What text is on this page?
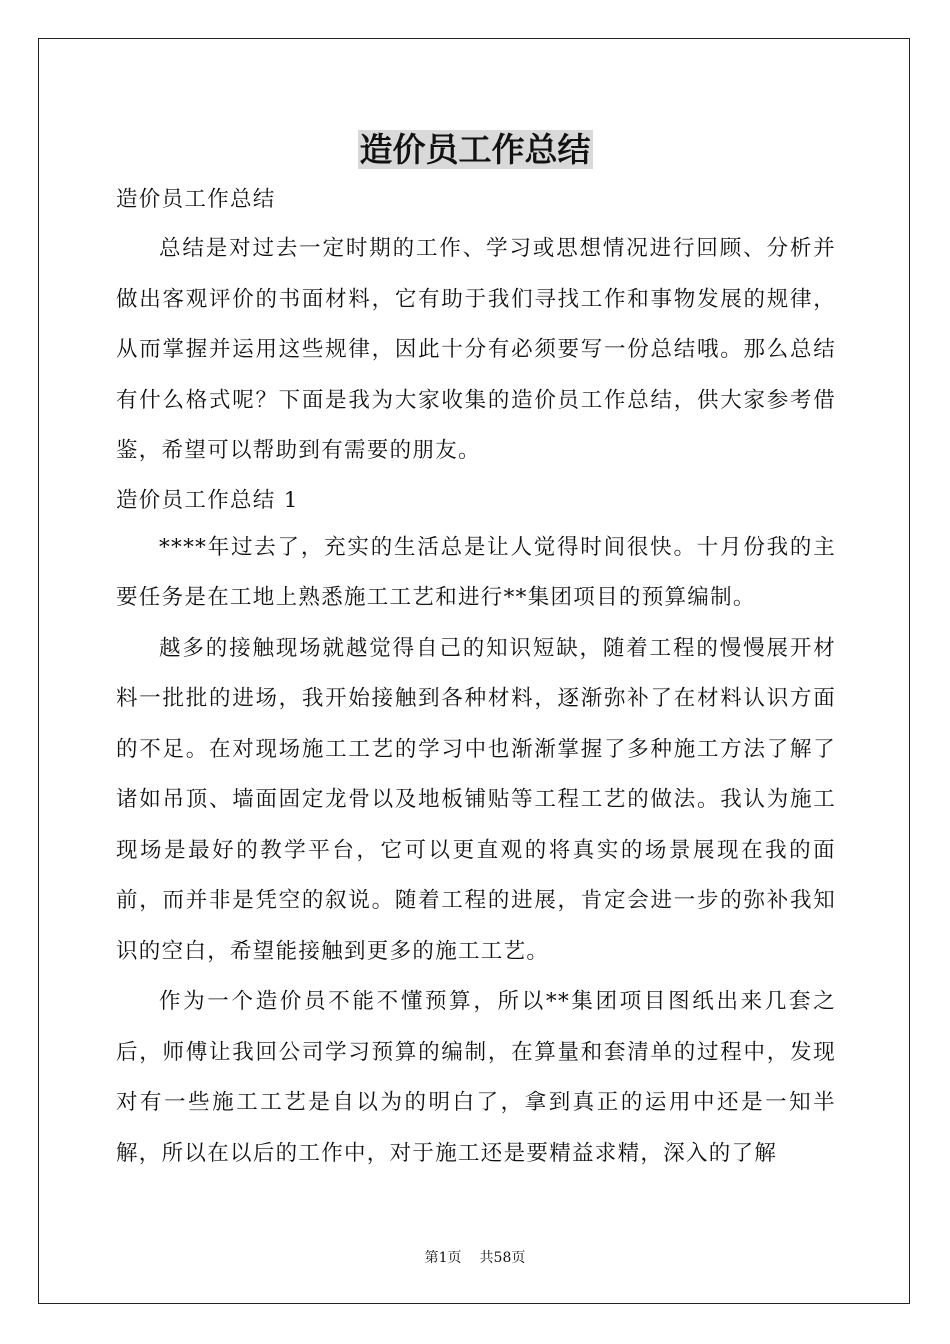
造价员工作总结

造价员工作总结

总结是对过去一定时期的工作、学习或思想情况进行回顾、分析并做出客观评价的书面材料，它有助于我们寻找工作和事物发展的规律，从而掌握并运用这些规律，因此十分有必须要写一份总结哦。那么总结有什么格式呢？下面是我为大家收集的造价员工作总结，供大家参考借鉴，希望可以帮助到有需要的朋友。

造价员工作总结 1

****年过去了，充实的生活总是让人觉得时间很快。十月份我的主要任务是在工地上熟悉施工工艺和进行**集团项目的预算编制。

越多的接触现场就越觉得自己的知识短缺，随着工程的慢慢展开材料一批批的进场，我开始接触到各种材料，逐渐弥补了在材料认识方面的不足。在对现场施工工艺的学习中也渐渐掌握了多种施工方法了解了诸如吊顶、墙面固定龙骨以及地板铺贴等工程工艺的做法。我认为施工现场是最好的教学平台，它可以更直观的将真实的场景展现在我的面前，而并非是凭空的叙说。随着工程的进展，肯定会进一步的弥补我知识的空白，希望能接触到更多的施工工艺。

作为一个造价员不能不懂预算，所以**集团项目图纸出来几套之后，师傅让我回公司学习预算的编制，在算量和套清单的过程中，发现对有一些施工工艺是自以为的明白了，拿到真正的运用中还是一知半解，所以在以后的工作中，对于施工还是要精益求精，深入的了解

第1页 共58页
